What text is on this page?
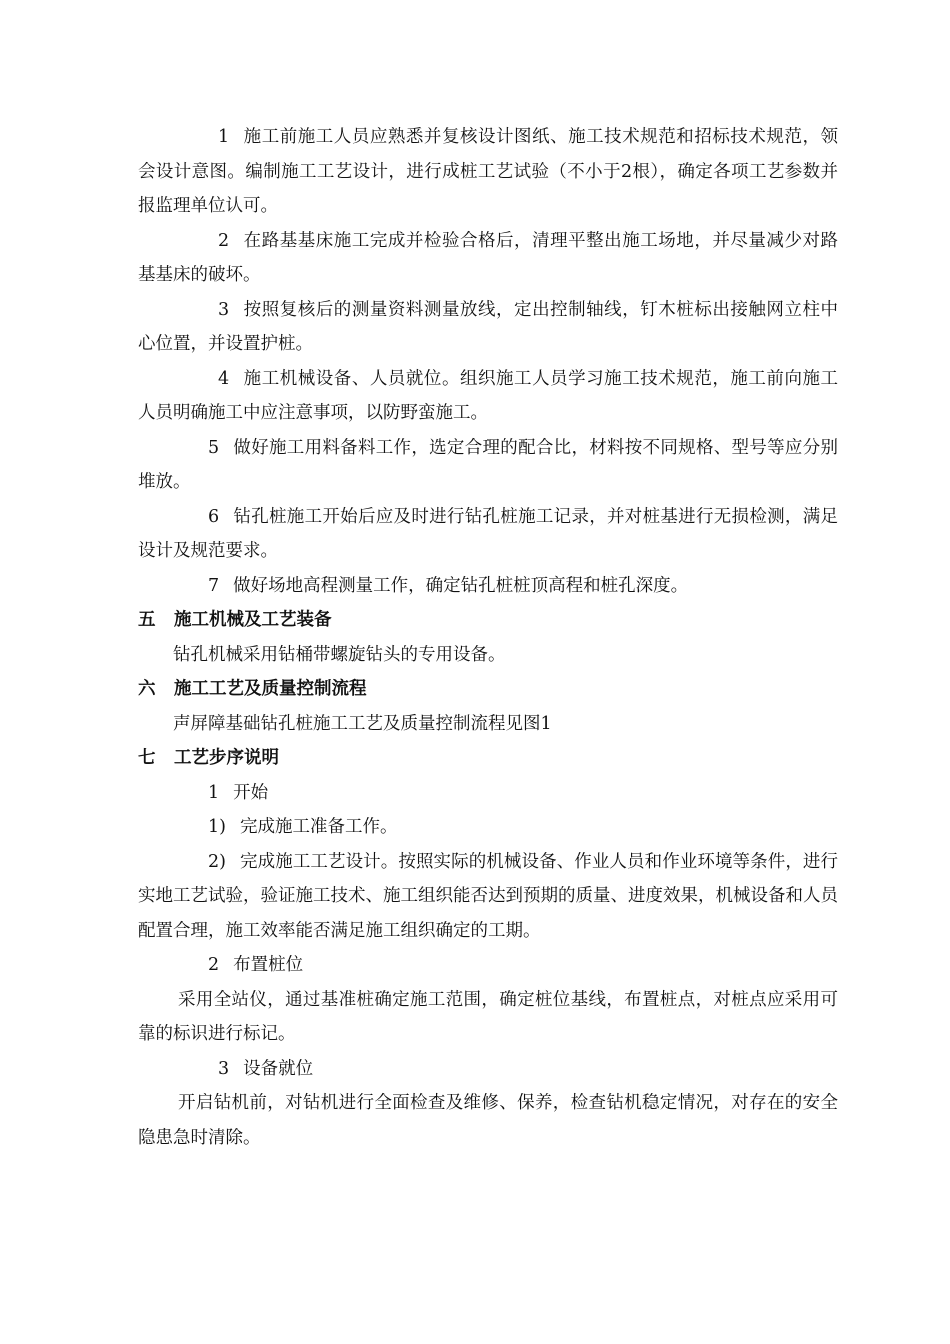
1 施工前施工人员应熟悉并复核设计图纸、施工技术规范和招标技术规范，领会设计意图。编制施工工艺设计，进行成桩工艺试验（不小于2根），确定各项工艺参数并报监理单位认可。

2 在路基基床施工完成并检验合格后，清理平整出施工场地，并尽量减少对路基基床的破坏。

3 按照复核后的测量资料测量放线，定出控制轴线，钉木桩标出接触网立柱中心位置，并设置护桩。

4 施工机械设备、人员就位。组织施工人员学习施工技术规范，施工前向施工人员明确施工中应注意事项，以防野蛮施工。

5 做好施工用料备料工作，选定合理的配合比，材料按不同规格、型号等应分别堆放。

6 钻孔桩施工开始后应及时进行钻孔桩施工记录，并对桩基进行无损检测，满足设计及规范要求。

7 做好场地高程测量工作，确定钻孔桩桩顶高程和桩孔深度。

五 施工机械及工艺装备

钻孔机械采用钻桶带螺旋钻头的专用设备。

六 施工工艺及质量控制流程

声屏障基础钻孔桩施工工艺及质量控制流程见图1

七 工艺步序说明

1 开始

1) 完成施工准备工作。

2) 完成施工工艺设计。按照实际的机械设备、作业人员和作业环境等条件，进行实地工艺试验，验证施工技术、施工组织能否达到预期的质量、进度效果，机械设备和人员配置合理，施工效率能否满足施工组织确定的工期。

2 布置桩位

采用全站仪，通过基准桩确定施工范围，确定桩位基线，布置桩点，对桩点应采用可靠的标识进行标记。

3 设备就位

开启钻机前，对钻机进行全面检查及维修、保养，检查钻机稳定情况，对存在的安全隐患急时清除。
